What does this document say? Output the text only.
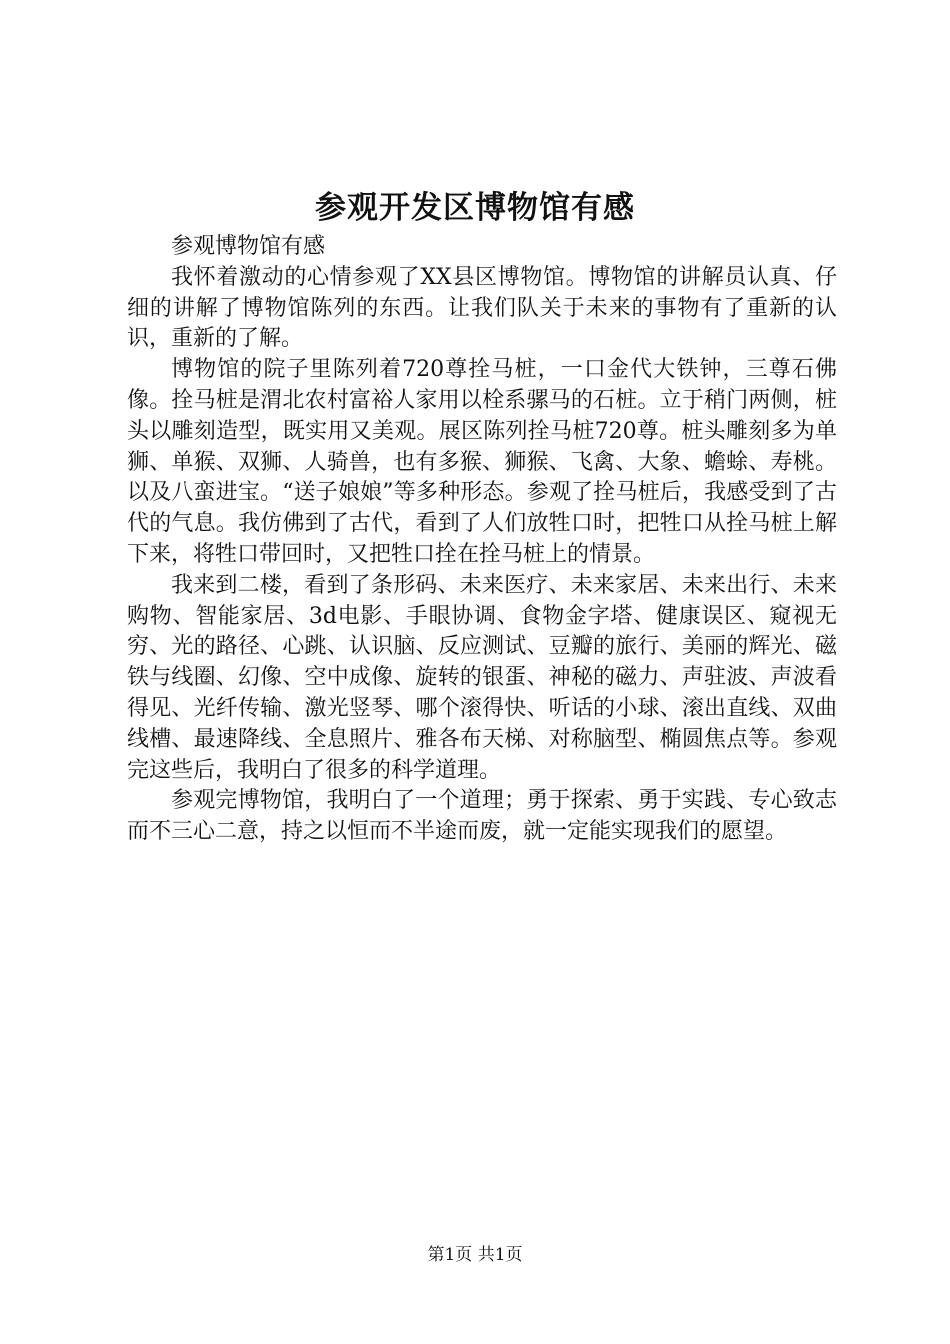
参观开发区博物馆有感

参观博物馆有感

我怀着激动的心情参观了XX县区博物馆。博物馆的讲解员认真、仔细的讲解了博物馆陈列的东西。让我们队关于未来的事物有了重新的认识，重新的了解。

博物馆的院子里陈列着720尊拴马桩，一口金代大铁钟，三尊石佛像。拴马桩是渭北农村富裕人家用以栓系骡马的石桩。立于稍门两侧，桩头以雕刻造型，既实用又美观。展区陈列拴马桩720尊。桩头雕刻多为单狮、单猴、双狮、人骑兽，也有多猴、狮猴、飞禽、大象、蟾蜍、寿桃。以及八蛮进宝。“送子娘娘”等多种形态。参观了拴马桩后，我感受到了古代的气息。我仿佛到了古代，看到了人们放牲口时，把牲口从拴马桩上解下来，将牲口带回时，又把牲口拴在拴马桩上的情景。

我来到二楼，看到了条形码、未来医疗、未来家居、未来出行、未来购物、智能家居、3d电影、手眼协调、食物金字塔、健康误区、窥视无穷、光的路径、心跳、认识脑、反应测试、豆瓣的旅行、美丽的辉光、磁铁与线圈、幻像、空中成像、旋转的银蛋、神秘的磁力、声驻波、声波看得见、光纤传输、激光竖琴、哪个滚得快、听话的小球、滚出直线、双曲线槽、最速降线、全息照片、雅各布天梯、对称脑型、椭圆焦点等。参观完这些后，我明白了很多的科学道理。

参观完博物馆，我明白了一个道理；勇于探索、勇于实践、专心致志而不三心二意，持之以恒而不半途而废，就一定能实现我们的愿望。

第1页 共1页
